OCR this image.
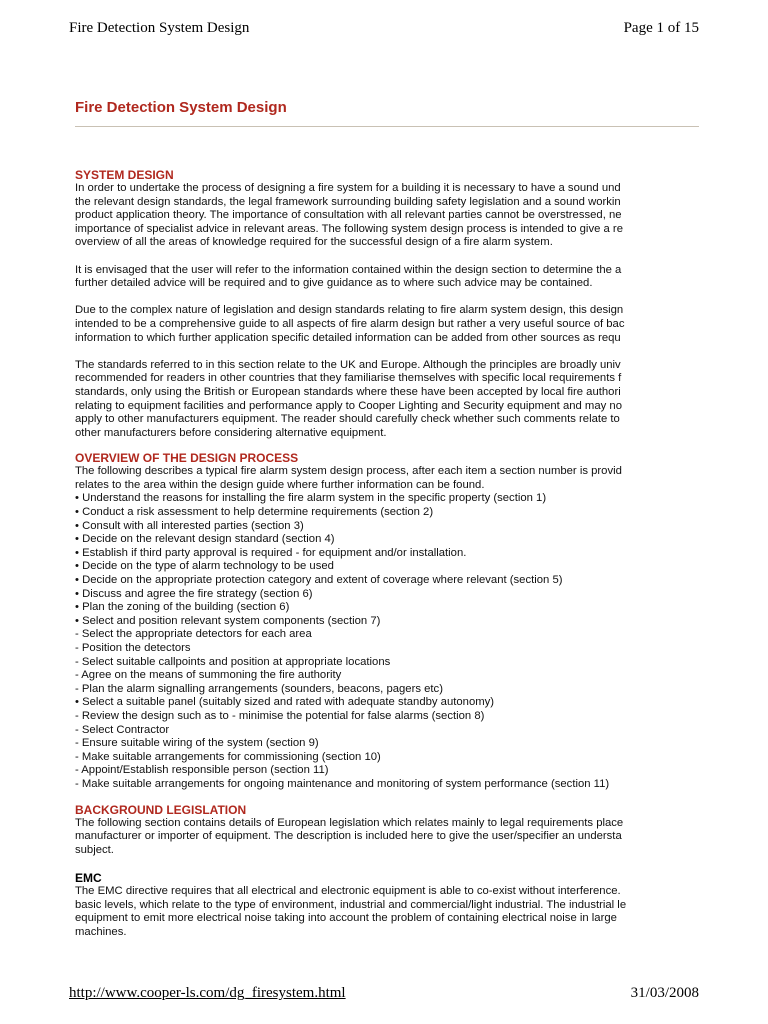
Fire Detection System Design	Page 1 of 15
Fire Detection System Design
SYSTEM DESIGN
In order to undertake the process of designing a fire system for a building it is necessary to have a sound und
the relevant design standards, the legal framework surrounding building safety legislation and a sound workin
product application theory. The importance of consultation with all relevant parties cannot be overstressed, ne
importance of specialist advice in relevant areas. The following system design process is intended to give a re
overview of all the areas of knowledge required for the successful design of a fire alarm system.
It is envisaged that the user will refer to the information contained within the design section to determine the a
further detailed advice will be required and to give guidance as to where such advice may be contained.
Due to the complex nature of legislation and design standards relating to fire alarm system design, this design
intended to be a comprehensive guide to all aspects of fire alarm design but rather a very useful source of bac
information to which further application specific detailed information can be added from other sources as requ
The standards referred to in this section relate to the UK and Europe. Although the principles are broadly univ
recommended for readers in other countries that they familiarise themselves with specific local requirements f
standards, only using the British or European standards where these have been accepted by local fire authori
relating to equipment facilities and performance apply to Cooper Lighting and Security equipment and may no
apply to other manufacturers equipment. The reader should carefully check whether such comments relate to
other manufacturers before considering alternative equipment.
OVERVIEW OF THE DESIGN PROCESS
The following describes a typical fire alarm system design process, after each item a section number is provid
relates to the area within the design guide where further information can be found.
• Understand the reasons for installing the fire alarm system in the specific property (section 1)
• Conduct a risk assessment to help determine requirements (section 2)
• Consult with all interested parties (section 3)
• Decide on the relevant design standard (section 4)
• Establish if third party approval is required - for equipment and/or installation.
• Decide on the type of alarm technology to be used
• Decide on the appropriate protection category and extent of coverage where relevant (section 5)
• Discuss and agree the fire strategy (section 6)
• Plan the zoning of the building (section 6)
• Select and position relevant system components (section 7)
- Select the appropriate detectors for each area
- Position the detectors
- Select suitable callpoints and position at appropriate locations
- Agree on the means of summoning the fire authority
- Plan the alarm signalling arrangements (sounders, beacons, pagers etc)
• Select a suitable panel (suitably sized and rated with adequate standby autonomy)
- Review the design such as to - minimise the potential for false alarms (section 8)
- Select Contractor
- Ensure suitable wiring of the system (section 9)
- Make suitable arrangements for commissioning (section 10)
- Appoint/Establish responsible person (section 11)
- Make suitable arrangements for ongoing maintenance and monitoring of system performance (section 11)
BACKGROUND LEGISLATION
The following section contains details of European legislation which relates mainly to legal requirements place
manufacturer or importer of equipment. The description is included here to give the user/specifier an understa
subject.
EMC
The EMC directive requires that all electrical and electronic equipment is able to co-exist without interference.
basic levels, which relate to the type of environment, industrial and commercial/light industrial. The industrial le
equipment to emit more electrical noise taking into account the problem of containing electrical noise in large
machines.
http://www.cooper-ls.com/dg_firesystem.html	31/03/2008
